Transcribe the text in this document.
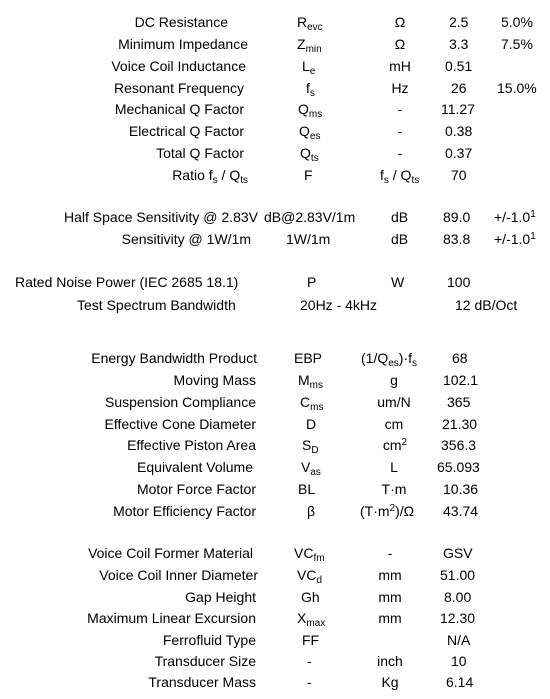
DC Resistance	$R_{evc}$	Ω	2.5 5.0%
Minimum Impedance	$Z_{min}$	Ω	3.3 7.5%
Voice Coil Inductance	$L_e$	mH	0.51
Resonant Frequency	$f_s$	Hz	26 15.0%
Mechanical Q Factor	$Q_{ms}$	-	11.27
Electrical Q Factor	$Q_{es}$	-	0.38
Total Q Factor	$Q_{ts}$	-	0.37
Ratio $f_s / Q_{ts}$	F	$f_s / Q_{ts}$ 70
Half Space Sensitivity @ 2.83V dB@2.83V/1m	dB $89.0 +/-1.0^1$
Sensitivity @ 1W/1m	1W/1m	dB $83.8 +/-1.0^1$
Rated Noise Power (IEC 2685 18.1)	P	W	100
Test Spectrum Bandwidth	20Hz - 4kHz	12 dB/Oct
Energy Bandwidth Product	EBP	$(1/Q_{es})\cdot f_s$ 68
Moving Mass	$M_{ms}$	g	102.1
Suspension Compliance	$C_{ms}$	um/N	365
Effective Cone Diameter	D	cm	21.30
Effective Piston Area	$S_D$	$cm^2$	356.3
Equivalent Volume	$V_{as}$	L	65.093
Motor Force Factor	BL	T·m	10.36
Motor Efficiency Factor	β	$(T\cdot m^2)/\Omega$ 43.74
Voice Coil Former Material	$VC_{fm}$	-	GSV
Voice Coil Inner Diameter	$VC_d$	mm	51.00
Gap Height	Gh	mm	8.00
Maximum Linear Excursion	$X_{max}$	mm	12.30
Ferrofluid Type	FF	N/A
Transducer Size	-	inch	10
Transducer Mass	-	Kg	6.14
